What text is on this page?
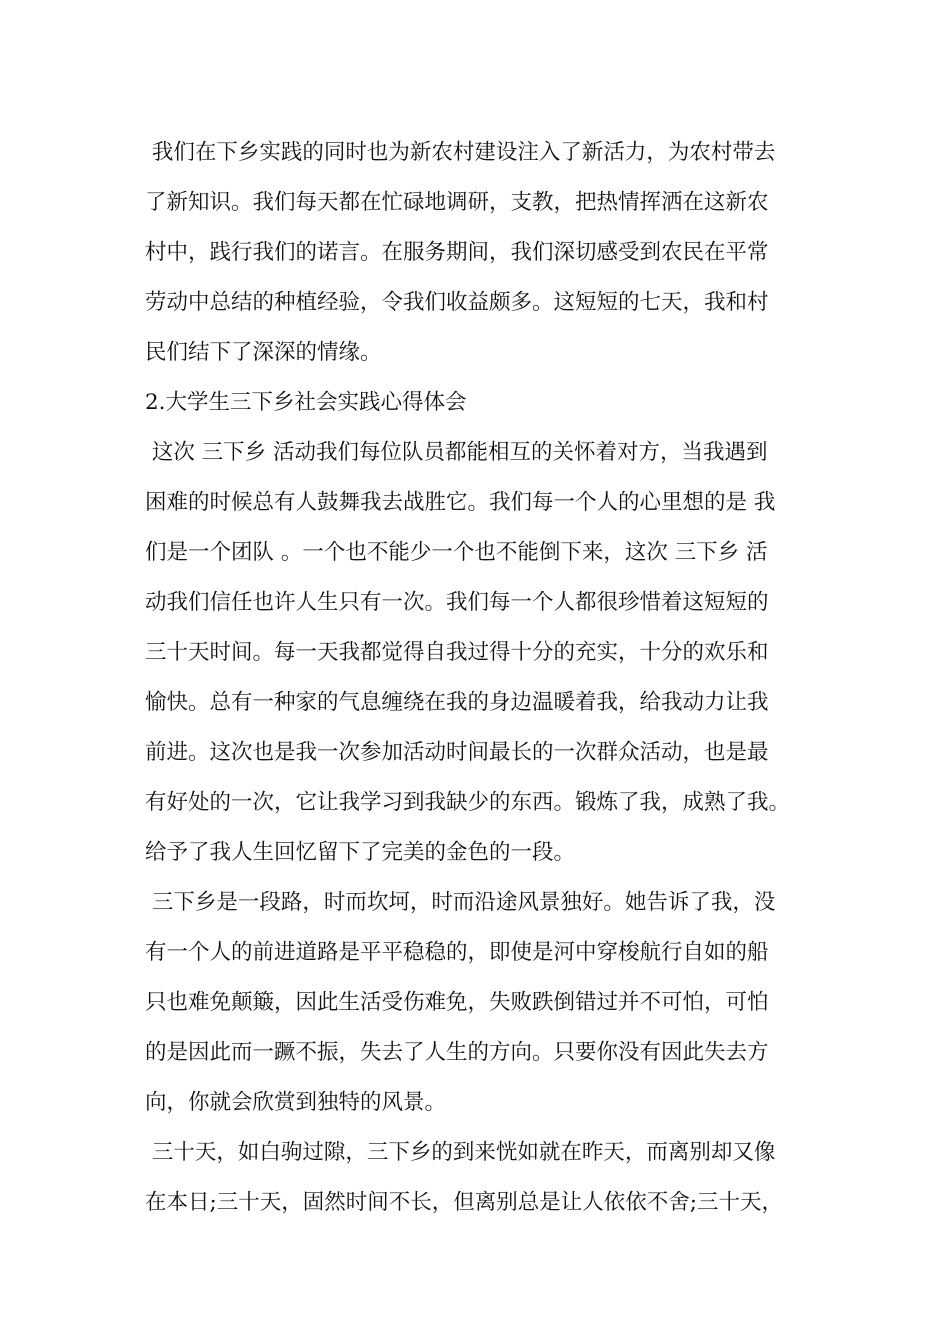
我们在下乡实践的同时也为新农村建设注入了新活力，为农村带去
了新知识。我们每天都在忙碌地调研，支教，把热情挥洒在这新农
村中，践行我们的诺言。在服务期间，我们深切感受到农民在平常
劳动中总结的种植经验，令我们收益颇多。这短短的七天，我和村
民们结下了深深的情缘。
2.大学生三下乡社会实践心得体会
这次 三下乡 活动我们每位队员都能相互的关怀着对方，当我遇到
困难的时候总有人鼓舞我去战胜它。我们每一个人的心里想的是 我
们是一个团队 。一个也不能少一个也不能倒下来，这次 三下乡 活
动我们信任也许人生只有一次。我们每一个人都很珍惜着这短短的
三十天时间。每一天我都觉得自我过得十分的充实，十分的欢乐和
愉快。总有一种家的气息缠绕在我的身边温暖着我，给我动力让我
前进。这次也是我一次参加活动时间最长的一次群众活动，也是最
有好处的一次，它让我学习到我缺少的东西。锻炼了我，成熟了我。
给予了我人生回忆留下了完美的金色的一段。
三下乡是一段路，时而坎坷，时而沿途风景独好。她告诉了我，没
有一个人的前进道路是平平稳稳的，即使是河中穿梭航行自如的船
只也难免颠簸，因此生活受伤难免，失败跌倒错过并不可怕，可怕
的是因此而一蹶不振，失去了人生的方向。只要你没有因此失去方
向，你就会欣赏到独特的风景。
三十天，如白驹过隙，三下乡的到来恍如就在昨天，而离别却又像
在本日;三十天，固然时间不长，但离别总是让人依依不舍;三十天，
